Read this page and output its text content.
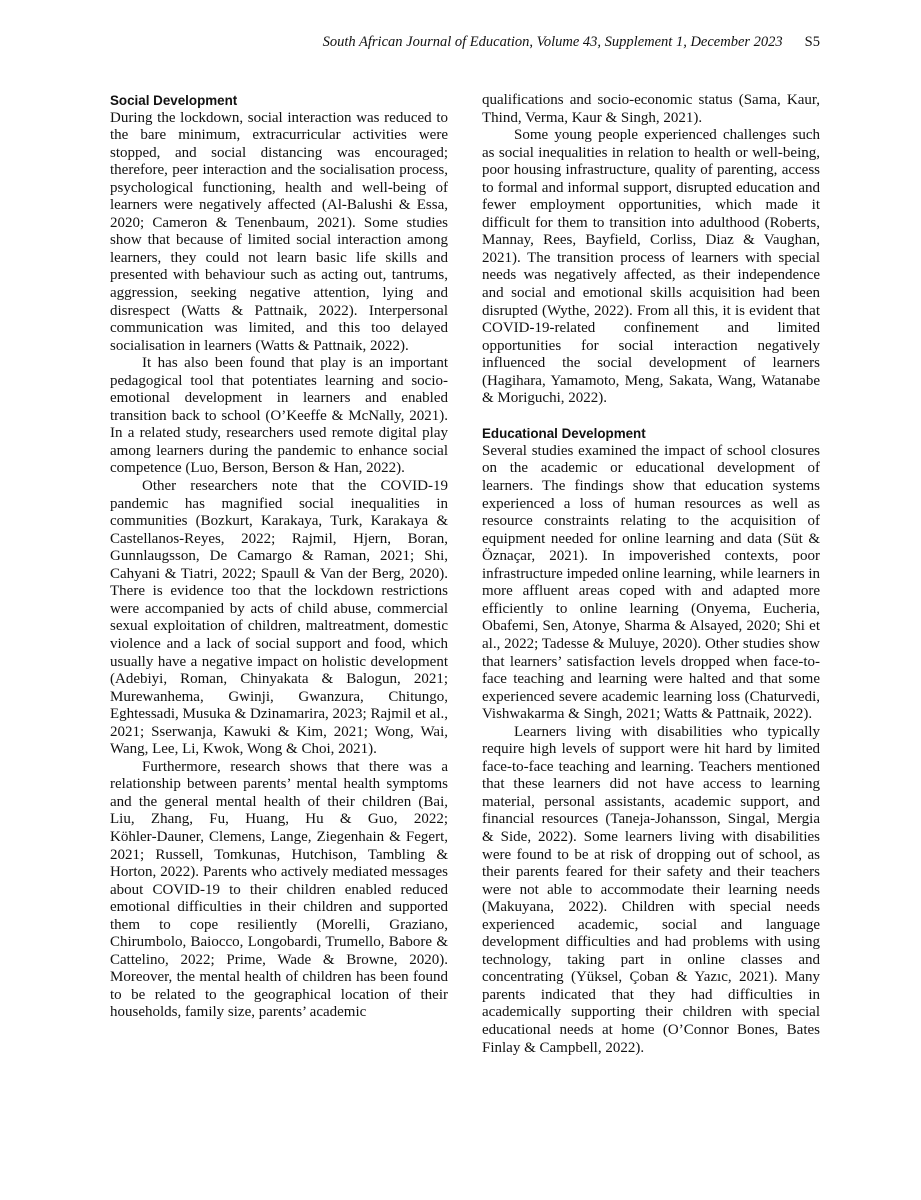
South African Journal of Education, Volume 43, Supplement 1, December 2023 S5
Social Development

During the lockdown, social interaction was reduced to the bare minimum, extracurricular activities were stopped, and social distancing was encouraged; therefore, peer interaction and the socialisation process, psychological functioning, health and well-being of learners were negatively affected (Al-Balushi & Essa, 2020; Cameron & Tenenbaum, 2021). Some studies show that because of limited social interaction among learners, they could not learn basic life skills and presented with behaviour such as acting out, tantrums, aggression, seeking negative attention, lying and disrespect (Watts & Pattnaik, 2022). Interpersonal communication was limited, and this too delayed socialisation in learners (Watts & Pattnaik, 2022).

It has also been found that play is an important pedagogical tool that potentiates learning and socio-emotional development in learners and enabled transition back to school (O’Keeffe & McNally, 2021). In a related study, researchers used remote digital play among learners during the pandemic to enhance social competence (Luo, Berson, Berson & Han, 2022).

Other researchers note that the COVID-19 pandemic has magnified social inequalities in communities (Bozkurt, Karakaya, Turk, Karakaya & Castellanos‑Reyes, 2022; Rajmil, Hjern, Boran, Gunnlaugsson, De Camargo & Raman, 2021; Shi, Cahyani & Tiatri, 2022; Spaull & Van der Berg, 2020). There is evidence too that the lockdown restrictions were accompanied by acts of child abuse, commercial sexual exploitation of children, maltreatment, domestic violence and a lack of social support and food, which usually have a negative impact on holistic development (Adebiyi, Roman, Chinyakata & Balogun, 2021; Murewanhema, Gwinji, Gwanzura, Chitungo, Eghtessadi, Musuka & Dzinamarira, 2023; Rajmil et al., 2021; Sserwanja, Kawuki & Kim, 2021; Wong, Wai, Wang, Lee, Li, Kwok, Wong & Choi, 2021).

Furthermore, research shows that there was a relationship between parents’ mental health symptoms and the general mental health of their children (Bai, Liu, Zhang, Fu, Huang, Hu & Guo, 2022; Köhler‑Dauner, Clemens, Lange, Ziegenhain & Fegert, 2021; Russell, Tomkunas, Hutchison, Tambling & Horton, 2022). Parents who actively mediated messages about COVID-19 to their children enabled reduced emotional difficulties in their children and supported them to cope resiliently (Morelli, Graziano, Chirumbolo, Baiocco, Longobardi, Trumello, Babore & Cattelino, 2022; Prime, Wade & Browne, 2020). Moreover, the mental health of children has been found to be related to the geographical location of their households, family size, parents’ academic

qualifications and socio-economic status (Sama, Kaur, Thind, Verma, Kaur & Singh, 2021).

Some young people experienced challenges such as social inequalities in relation to health or well-being, poor housing infrastructure, quality of parenting, access to formal and informal support, disrupted education and fewer employment opportunities, which made it difficult for them to transition into adulthood (Roberts, Mannay, Rees, Bayfield, Corliss, Diaz & Vaughan, 2021). The transition process of learners with special needs was negatively affected, as their independence and social and emotional skills acquisition had been disrupted (Wythe, 2022). From all this, it is evident that COVID-19-related confinement and limited opportunities for social interaction negatively influenced the social development of learners (Hagihara, Yamamoto, Meng, Sakata, Wang, Watanabe & Moriguchi, 2022).

Educational Development

Several studies examined the impact of school closures on the academic or educational development of learners. The findings show that education systems experienced a loss of human resources as well as resource constraints relating to the acquisition of equipment needed for online learning and data (Süt & Öznaçar, 2021). In impoverished contexts, poor infrastructure impeded online learning, while learners in more affluent areas coped with and adapted more efficiently to online learning (Onyema, Eucheria, Obafemi, Sen, Atonye, Sharma & Alsayed, 2020; Shi et al., 2022; Tadesse & Muluye, 2020). Other studies show that learners’ satisfaction levels dropped when face-to-face teaching and learning were halted and that some experienced severe academic learning loss (Chaturvedi, Vishwakarma & Singh, 2021; Watts & Pattnaik, 2022).

Learners living with disabilities who typically require high levels of support were hit hard by limited face-to-face teaching and learning. Teachers mentioned that these learners did not have access to learning material, personal assistants, academic support, and financial resources (Taneja-Johansson, Singal, Mergia & Side, 2022). Some learners living with disabilities were found to be at risk of dropping out of school, as their parents feared for their safety and their teachers were not able to accommodate their learning needs (Makuyana, 2022). Children with special needs experienced academic, social and language development difficulties and had problems with using technology, taking part in online classes and concentrating (Yüksel, Çoban & Yazıc, 2021). Many parents indicated that they had difficulties in academically supporting their children with special educational needs at home (O’Connor Bones, Bates Finlay & Campbell, 2022).
